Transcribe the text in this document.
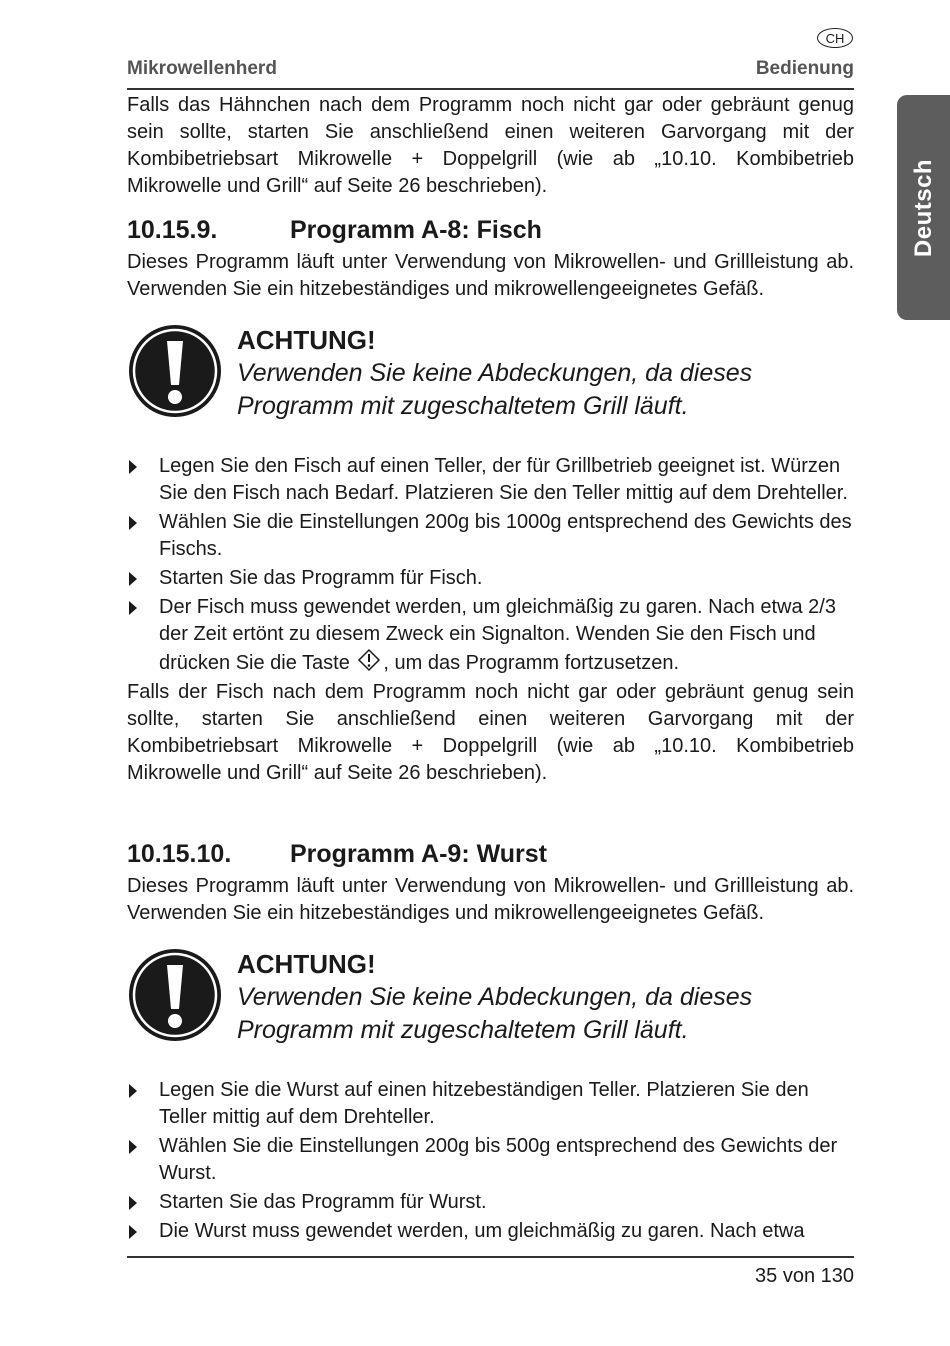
CH
Mikrowellenherd	Bedienung
Deutsch

Falls das Hähnchen nach dem Programm noch nicht gar oder gebräunt genug sein sollte, starten Sie anschließend einen weiteren Garvorgang mit der Kombibetriebsart Mikrowelle + Doppelgrill (wie ab „10.10. Kombibetrieb Mikrowelle und Grill“ auf Seite 26 beschrieben).

10.15.9.	Programm A-8: Fisch

Dieses Programm läuft unter Verwendung von Mikrowellen- und Grillleistung ab. Verwenden Sie ein hitzebeständiges und mikrowellengeeignetes Gefäß.

ACHTUNG!
Verwenden Sie keine Abdeckungen, da dieses Programm mit zugeschaltetem Grill läuft.
Legen Sie den Fisch auf einen Teller, der für Grillbetrieb geeignet ist. Würzen Sie den Fisch nach Bedarf. Platzieren Sie den Teller mittig auf dem Drehteller.
Wählen Sie die Einstellungen 200g bis 1000g entsprechend des Gewichts des Fischs.
Starten Sie das Programm für Fisch.
Der Fisch muss gewendet werden, um gleichmäßig zu garen. Nach etwa 2/3 der Zeit ertönt zu diesem Zweck ein Signalton. Wenden Sie den Fisch und drücken Sie die Taste , um das Programm fortzusetzen.

Falls der Fisch nach dem Programm noch nicht gar oder gebräunt genug sein sollte, starten Sie anschließend einen weiteren Garvorgang mit der Kombibetriebsart Mikrowelle + Doppelgrill (wie ab „10.10. Kombibetrieb Mikrowelle und Grill“ auf Seite 26 beschrieben).

10.15.10.	Programm A-9: Wurst

Dieses Programm läuft unter Verwendung von Mikrowellen- und Grillleistung ab. Verwenden Sie ein hitzebeständiges und mikrowellengeeignetes Gefäß.

ACHTUNG!
Verwenden Sie keine Abdeckungen, da dieses Programm mit zugeschaltetem Grill läuft.
Legen Sie die Wurst auf einen hitzebeständigen Teller. Platzieren Sie den Teller mittig auf dem Drehteller.
Wählen Sie die Einstellungen 200g bis 500g entsprechend des Gewichts der Wurst.
Starten Sie das Programm für Wurst.
Die Wurst muss gewendet werden, um gleichmäßig zu garen. Nach etwa
35 von 130
